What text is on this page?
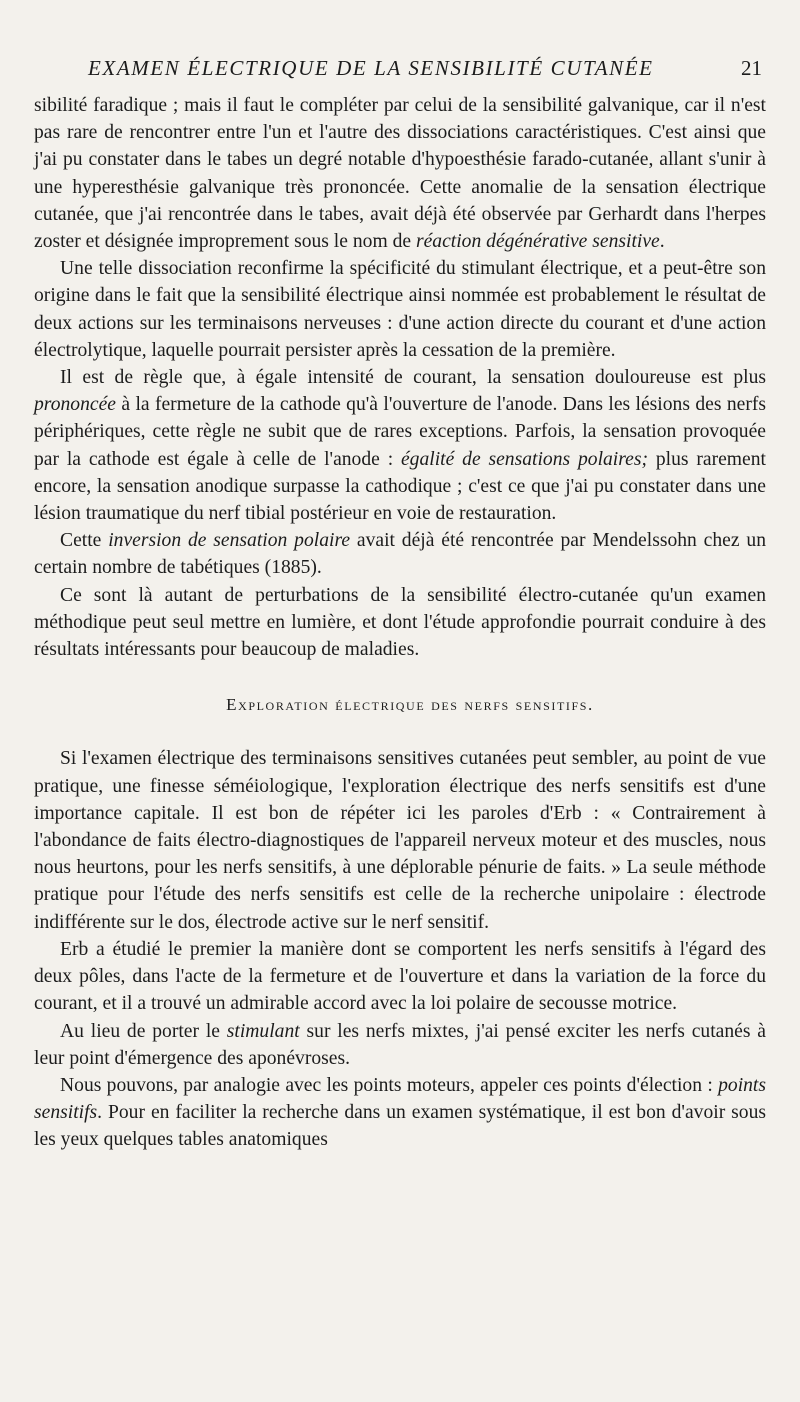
EXAMEN ÉLECTRIQUE DE LA SENSIBILITÉ CUTANÉE	21

sibilité faradique ; mais il faut le compléter par celui de la sensibilité galvanique, car il n'est pas rare de rencontrer entre l'un et l'autre des dissociations caractéristiques. C'est ainsi que j'ai pu constater dans le tabes un degré notable d'hypoesthésie farado-cutanée, allant s'unir à une hyperesthésie galvanique très prononcée. Cette anomalie de la sensation électrique cutanée, que j'ai rencontrée dans le tabes, avait déjà été observée par Gerhardt dans l'herpes zoster et désignée improprement sous le nom de réaction dégénérative sensitive.

Une telle dissociation reconfirme la spécificité du stimulant électrique, et a peut-être son origine dans le fait que la sensibilité électrique ainsi nommée est probablement le résultat de deux actions sur les terminaisons nerveuses : d'une action directe du courant et d'une action électrolytique, laquelle pourrait persister après la cessation de la première.

Il est de règle que, à égale intensité de courant, la sensation douloureuse est plus prononcée à la fermeture de la cathode qu'à l'ouverture de l'anode. Dans les lésions des nerfs périphériques, cette règle ne subit que de rares exceptions. Parfois, la sensation provoquée par la cathode est égale à celle de l'anode : égalité de sensations polaires; plus rarement encore, la sensation anodique surpasse la cathodique ; c'est ce que j'ai pu constater dans une lésion traumatique du nerf tibial postérieur en voie de restauration.

Cette inversion de sensation polaire avait déjà été rencontrée par Mendelssohn chez un certain nombre de tabétiques (1885).

Ce sont là autant de perturbations de la sensibilité électro-cutanée qu'un examen méthodique peut seul mettre en lumière, et dont l'étude approfondie pourrait conduire à des résultats intéressants pour beaucoup de maladies.

Exploration électrique des nerfs sensitifs.

Si l'examen électrique des terminaisons sensitives cutanées peut sembler, au point de vue pratique, une finesse séméiologique, l'exploration électrique des nerfs sensitifs est d'une importance capitale. Il est bon de répéter ici les paroles d'Erb : « Contrairement à l'abondance de faits électro-diagnostiques de l'appareil nerveux moteur et des muscles, nous nous heurtons, pour les nerfs sensitifs, à une déplorable pénurie de faits. » La seule méthode pratique pour l'étude des nerfs sensitifs est celle de la recherche unipolaire : électrode indifférente sur le dos, électrode active sur le nerf sensitif.

Erb a étudié le premier la manière dont se comportent les nerfs sensitifs à l'égard des deux pôles, dans l'acte de la fermeture et de l'ouverture et dans la variation de la force du courant, et il a trouvé un admirable accord avec la loi polaire de secousse motrice.

Au lieu de porter le stimulant sur les nerfs mixtes, j'ai pensé exciter les nerfs cutanés à leur point d'émergence des aponévroses.

Nous pouvons, par analogie avec les points moteurs, appeler ces points d'élection : points sensitifs. Pour en faciliter la recherche dans un examen systématique, il est bon d'avoir sous les yeux quelques tables anatomiques
